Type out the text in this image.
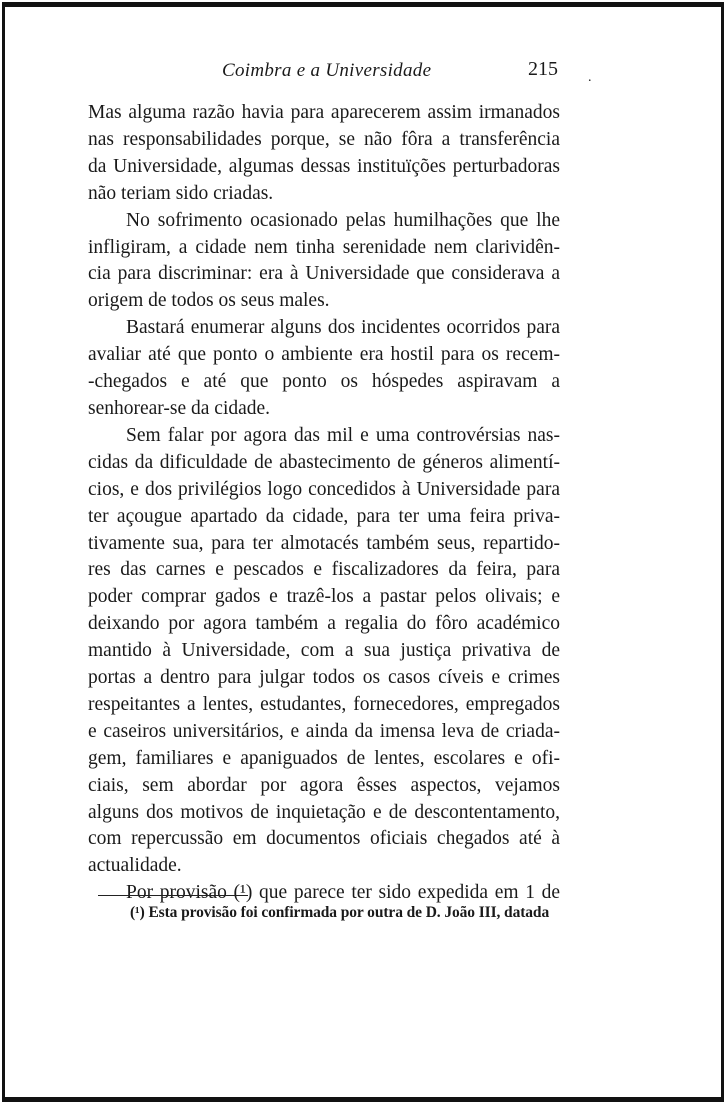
Coimbra e a Universidade	215 .
Mas alguma razão havia para aparecerem assim irmanados
nas responsabilidades porque, se não fôra a transferência
da Universidade, algumas dessas instituïções perturbadoras
não teriam sido criadas.
No sofrimento ocasionado pelas humilhações que lhe
infligiram, a cidade nem tinha serenidade nem clarividên-
cia para discriminar: era à Universidade que considerava a
origem de todos os seus males.
Bastará enumerar alguns dos incidentes ocorridos para
avaliar até que ponto o ambiente era hostil para os recem-
-chegados e até que ponto os hóspedes aspiravam a
senhorear-se da cidade.
Sem falar por agora das mil e uma controvérsias nas-
cidas da dificuldade de abastecimento de géneros alimentí-
cios, e dos privilégios logo concedidos à Universidade para
ter açougue apartado da cidade, para ter uma feira priva-
tivamente sua, para ter almotacés também seus, repartido-
res das carnes e pescados e fiscalizadores da feira, para
poder comprar gados e trazê-los a pastar pelos olivais; e
deixando por agora também a regalia do fôro académico
mantido à Universidade, com a sua justiça privativa de
portas a dentro para julgar todos os casos cíveis e crimes
respeitantes a lentes, estudantes, fornecedores, empregados
e caseiros universitários, e ainda da imensa leva de criada-
gem, familiares e apaniguados de lentes, escolares e ofi-
ciais, sem abordar por agora êsses aspectos, vejamos
alguns dos motivos de inquietação e de descontentamento,
com repercussão em documentos oficiais chegados até à
actualidade.
Por provisão (¹) que parece ter sido expedida em 1 de
(¹) Esta provisão foi confirmada por outra de D. João III, datada
